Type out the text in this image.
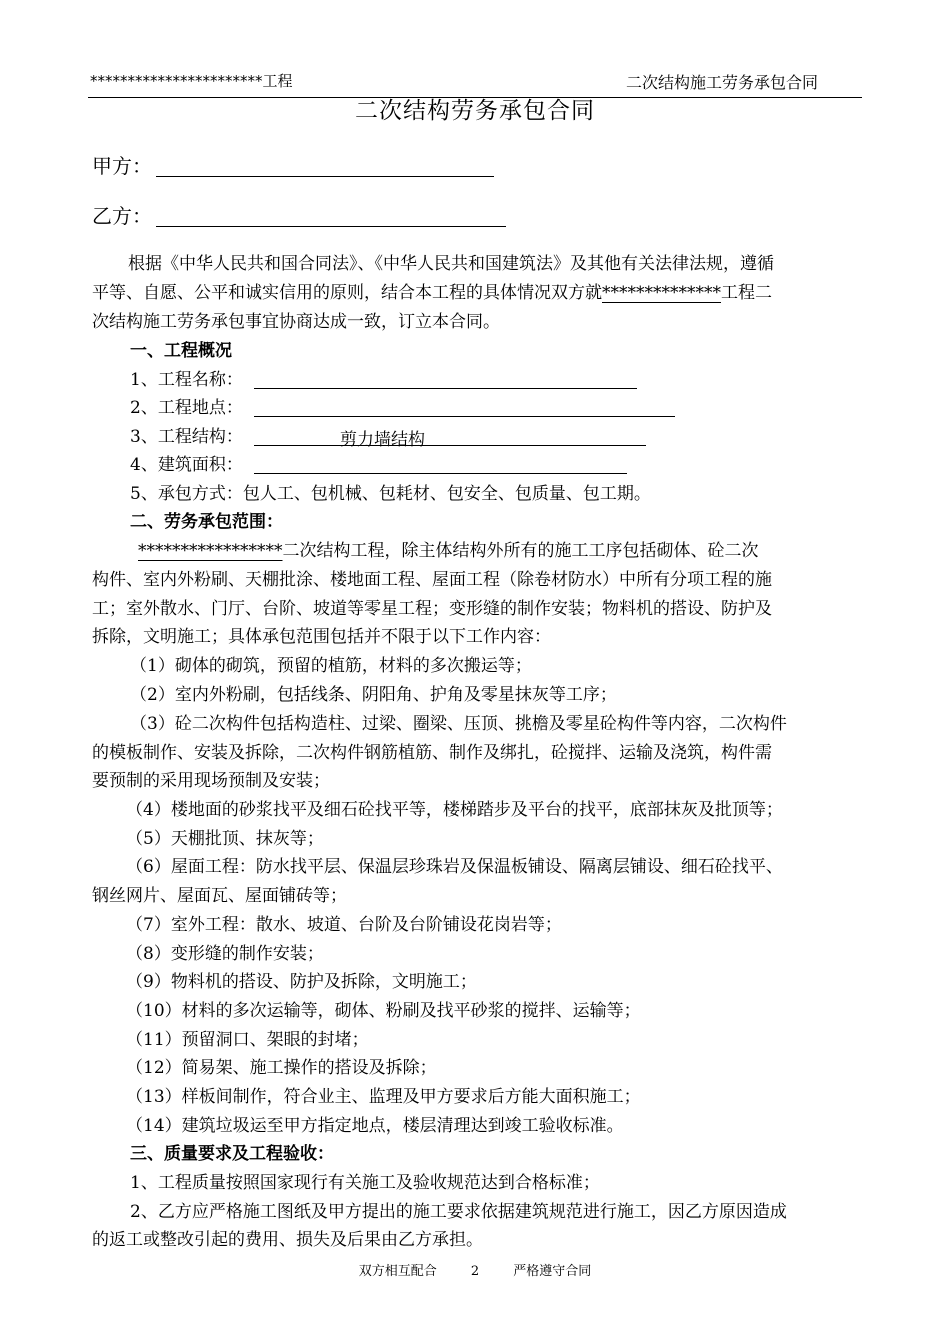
***********************工程	二次结构施工劳务承包合同
二次结构劳务承包合同
甲方：
乙方：
根据《中华人民共和国合同法》、《中华人民共和国建筑法》及其他有关法律法规，遵循
平等、自愿、公平和诚实信用的原则，结合本工程的具体情况双方就**************工程二
次结构施工劳务承包事宜协商达成一致，订立本合同。
一、工程概况
1、工程名称：
2、工程地点：
3、工程结构：	剪力墙结构
4、建筑面积：
5、承包方式：包人工、包机械、包耗材、包安全、包质量、包工期。
二、劳务承包范围：
*****************二次结构工程，除主体结构外所有的施工工序包括砌体、砼二次
构件、室内外粉刷、天棚批涂、楼地面工程、屋面工程（除卷材防水）中所有分项工程的施
工；室外散水、门厅、台阶、坡道等零星工程；变形缝的制作安装；物料机的搭设、防护及
拆除，文明施工；具体承包范围包括并不限于以下工作内容：
（1）砌体的砌筑，预留的植筋，材料的多次搬运等；
（2）室内外粉刷，包括线条、阴阳角、护角及零星抹灰等工序；
（3）砼二次构件包括构造柱、过梁、圈梁、压顶、挑檐及零星砼构件等内容，二次构件
的模板制作、安装及拆除，二次构件钢筋植筋、制作及绑扎，砼搅拌、运输及浇筑，构件需
要预制的采用现场预制及安装；
（4）楼地面的砂浆找平及细石砼找平等，楼梯踏步及平台的找平，底部抹灰及批顶等；
（5）天棚批顶、抹灰等；
（6）屋面工程：防水找平层、保温层珍珠岩及保温板铺设、隔离层铺设、细石砼找平、
钢丝网片、屋面瓦、屋面铺砖等；
（7）室外工程：散水、坡道、台阶及台阶铺设花岗岩等；
（8）变形缝的制作安装；
（9）物料机的搭设、防护及拆除，文明施工；
（10）材料的多次运输等，砌体、粉刷及找平砂浆的搅拌、运输等；
（11）预留洞口、架眼的封堵；
（12）简易架、施工操作的搭设及拆除；
（13）样板间制作，符合业主、监理及甲方要求后方能大面积施工；
（14）建筑垃圾运至甲方指定地点，楼层清理达到竣工验收标准。
三、质量要求及工程验收：
1、工程质量按照国家现行有关施工及验收规范达到合格标准；
2、乙方应严格施工图纸及甲方提出的施工要求依据建筑规范进行施工，因乙方原因造成
的返工或整改引起的费用、损失及后果由乙方承担。
双方相互配合	2	严格遵守合同
